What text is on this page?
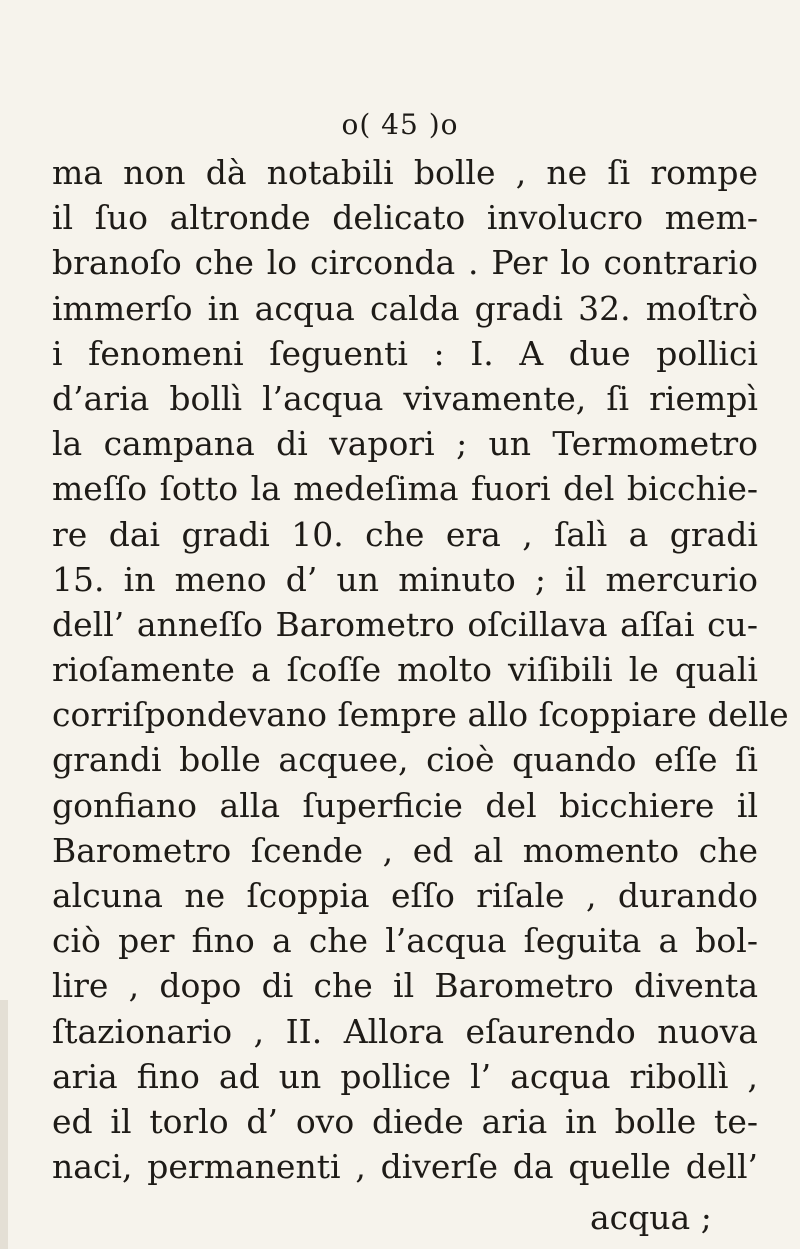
o( 45 )o
ma non dà notabili bolle , ne ſi rompe
il ſuo altronde delicato involucro mem-
branoſo che lo circonda . Per lo contrario
immerſo in acqua calda gradi 32. moſtrò
i fenomeni ſeguenti : I. A due pollici
d’aria bollì l’acqua vivamente, ſi riempì
la campana di vapori ; un Termometro
meſſo ſotto la medeſima fuori del bicchie-
re dai gradi 10. che era , ſalì a gradi
15. in meno d’ un minuto ; il mercurio
dell’ anneſſo Barometro oſcillava aſſai cu-
rioſamente a ſcoſſe molto viſibili le quali
corriſpondevano ſempre allo ſcoppiare delle
grandi bolle acquee, cioè quando eſſe ſi
gonfiano alla ſuperficie del bicchiere il
Barometro ſcende , ed al momento che
alcuna ne ſcoppia eſſo riſale , durando
ciò per fino a che l’acqua ſeguita a bol-
lire , dopo di che il Barometro diventa
ſtazionario , II. Allora eſaurendo nuova
aria fino ad un pollice l’ acqua ribollì ,
ed il torlo d’ ovo diede aria in bolle te-
naci, permanenti , diverſe da quelle dell’
acqua ;
